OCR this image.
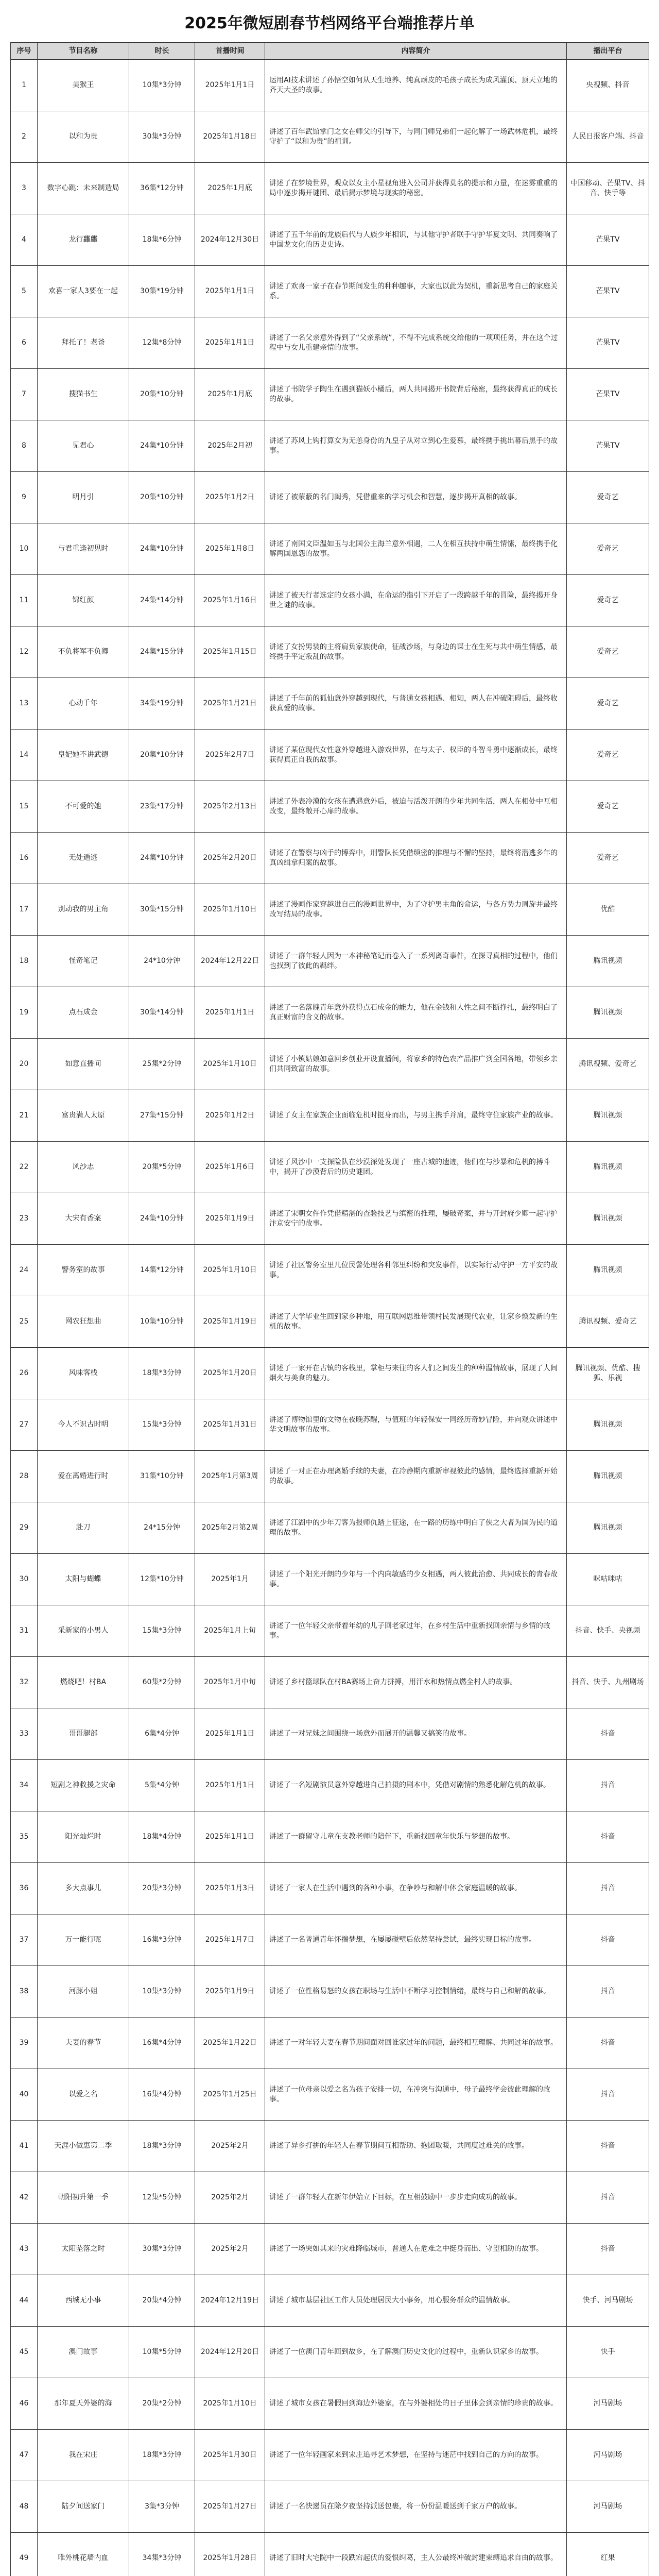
2025年微短剧春节档网络平台端推荐片单
序号	节目名称	时长	首播时间	内容简介	播出平台
1	美猴王	10集*3分钟	2025年1月1日	运用AI技术讲述了孙悟空如何从天生地养、纯真顽皮的毛孩子成长为成风灌顶、顶天立地的齐天大圣的故事。	央视频、抖音
2	以和为贵	30集*3分钟	2025年1月18日	讲述了百年武馆掌门之女在师父的引导下，与同门师兄弟们一起化解了一场武林危机，最终守护了“以和为贵”的祖训。	人民日报客户端、抖音
3	数字心跳：未来制造局	36集*12分钟	2025年1月底	讲述了在梦境世界，观众以女主小星视角进入公司并获得莫名的提示和力量，在迷雾重重的局中逐步揭开谜团、最后揭示梦境与现实的秘密。	中国移动、芒果TV、抖音、快手等
4	龙行龘龘	18集*6分钟	2024年12月30日	讲述了五千年前的龙族后代与人族少年相识，与其他守护者联手守护华夏文明、共同奏响了中国龙文化的历史史诗。	芒果TV
5	欢喜一家人3要在一起	30集*19分钟	2025年1月1日	讲述了欢喜一家子在春节期间发生的种种趣事，大家也以此为契机，重新思考自己的家庭关系。	芒果TV
6	拜托了！老爸	12集*8分钟	2025年1月1日	讲述了一名父亲意外得到了“父亲系统”，不得不完成系统交给他的一项项任务，并在这个过程中与女儿重建亲情的故事。	芒果TV
7	搜猫书生	20集*10分钟	2025年1月底	讲述了书院学子陶生在遇到猫妖小橘后，两人共同揭开书院背后秘密，最终获得真正的成长的故事。	芒果TV
8	见君心	24集*10分钟	2025年2月初	讲述了苏风上钩打算女为无恙身份的九皇子从对立到心生爱慕，最终携手挑出幕后黑手的故事。	芒果TV
9	明月引	20集*10分钟	2025年1月2日	讲述了被蒙蔽的名门闺秀，凭借重来的学习机会和智慧，逐步揭开真相的故事。	爱奇艺
10	与君重逢初见时	24集*10分钟	2025年1月8日	讲述了南国文臣温如玉与北国公主海兰意外相遇，二人在相互扶持中萌生情愫，最终携手化解两国恩怨的故事。	爱奇艺
11	锦红颜	24集*14分钟	2025年1月16日	讲述了被天行者选定的女孩小满，在命运的指引下开启了一段跨越千年的冒险，最终揭开身世之谜的故事。	爱奇艺
12	不负将军不负卿	24集*15分钟	2025年1月15日	讲述了女扮男装的主将肩负家族使命，征战沙场，与身边的谋士在生死与共中萌生情感，最终携手平定叛乱的故事。	爱奇艺
13	心动千年	34集*19分钟	2025年1月21日	讲述了千年前的狐仙意外穿越到现代，与普通女孩相遇、相知，两人在冲破阻碍后，最终收获真爱的故事。	爱奇艺
14	皇妃她不讲武德	20集*10分钟	2025年2月7日	讲述了某位现代女性意外穿越进入游戏世界，在与太子、权臣的斗智斗勇中逐渐成长，最终获得真正自我的故事。	爱奇艺
15	不可爱的她	23集*17分钟	2025年2月13日	讲述了外表冷漠的女孩在遭遇意外后，被迫与活泼开朗的少年共同生活，两人在相处中互相改变，最终敞开心扉的故事。	爱奇艺
16	无处遁逃	24集*10分钟	2025年2月20日	讲述了在警察与凶手的博弈中，刑警队长凭借缜密的推理与不懈的坚持，最终将潜逃多年的真凶缉拿归案的故事。	爱奇艺
17	别动我的男主角	30集*15分钟	2025年1月10日	讲述了漫画作家穿越进自己的漫画世界中，为了守护男主角的命运，与各方势力周旋并最终改写结局的故事。	优酷
18	怪奇笔记	24*10分钟	2024年12月22日	讲述了一群年轻人因为一本神秘笔记而卷入了一系列离奇事件，在探寻真相的过程中，他们也找到了彼此的羁绊。	腾讯视频
19	点石成金	30集*14分钟	2025年1月1日	讲述了一名落魄青年意外获得点石成金的能力，他在金钱和人性之间不断挣扎，最终明白了真正财富的含义的故事。	腾讯视频
20	如意直播间	25集*2分钟	2025年1月10日	讲述了小镇姑娘如意回乡创业开设直播间，将家乡的特色农产品推广到全国各地，带领乡亲们共同致富的故事。	腾讯视频、爱奇艺
21	富贵满人太原	27集*15分钟	2025年1月2日	讲述了女主在家族企业面临危机时挺身而出，与男主携手并肩，最终守住家族产业的故事。	腾讯视频
22	风沙志	20集*5分钟	2025年1月6日	讲述了风沙中一支探险队在沙漠深处发现了一座古城的遗迹，他们在与沙暴和危机的搏斗中，揭开了沙漠背后的历史谜团。	腾讯视频
23	大宋有香案	24集*10分钟	2025年1月9日	讲述了宋朝女仵作凭借精湛的查验技艺与缜密的推理，屡破奇案，并与开封府少卿一起守护汴京安宁的故事。	腾讯视频
24	警务室的故事	14集*12分钟	2025年1月10日	讲述了社区警务室里几位民警处理各种邻里纠纷和突发事件，以实际行动守护一方平安的故事。	腾讯视频
25	网农狂想曲	10集*10分钟	2025年1月19日	讲述了大学毕业生回到家乡种地，用互联网思维带领村民发展现代农业，让家乡焕发新的生机的故事。	腾讯视频、爱奇艺
26	风味客栈	18集*3分钟	2025年1月20日	讲述了一家开在古镇的客栈里，掌柜与来往的客人们之间发生的种种温情故事，展现了人间烟火与美食的魅力。	腾讯视频、优酷、搜狐、乐视
27	今人不识古时明	15集*3分钟	2025年1月31日	讲述了博物馆里的文物在夜晚苏醒，与值班的年轻保安一同经历奇妙冒险，并向观众讲述中华文明故事的故事。	腾讯视频
28	爱在离婚进行时	31集*10分钟	2025年1月第3周	讲述了一对正在办理离婚手续的夫妻，在冷静期内重新审视彼此的感情，最终选择重新开始的故事。	腾讯视频
29	赴刀	24*15分钟	2025年2月第2周	讲述了江湖中的少年刀客为报师仇踏上征途，在一路的历练中明白了侠之大者为国为民的道理的故事。	腾讯视频
30	太阳与蝴蝶	12集*10分钟	2025年1月	讲述了一个阳光开朗的少年与一个内向敏感的少女相遇，两人彼此治愈、共同成长的青春故事。	咪咕咪咕
31	采新家的小男人	15集*3分钟	2025年1月上旬	讲述了一位年轻父亲带着年幼的儿子回老家过年，在乡村生活中重新找回亲情与乡情的故事。	抖音、快手、央视频
32	燃烧吧！村BA	60集*2分钟	2025年1月中旬	讲述了乡村篮球队在村BA赛场上奋力拼搏，用汗水和热情点燃全村人的故事。	抖音、快手、九州剧场
33	哥哥腿部	6集*4分钟	2025年1月1日	讲述了一对兄妹之间围绕一场意外而展开的温馨又搞笑的故事。	抖音
34	短剧之神救援之灾命	5集*4分钟	2025年1月1日	讲述了一名短剧演员意外穿越进自己拍摄的剧本中，凭借对剧情的熟悉化解危机的故事。	抖音
35	阳光灿烂时	18集*4分钟	2025年1月1日	讲述了一群留守儿童在支教老师的陪伴下，重新找回童年快乐与梦想的故事。	抖音
36	多大点事儿	20集*3分钟	2025年1月3日	讲述了一家人在生活中遇到的各种小事，在争吵与和解中体会家庭温暖的故事。	抖音
37	万一能行呢	16集*3分钟	2025年1月7日	讲述了一名普通青年怀揣梦想，在屡屡碰壁后依然坚持尝试，最终实现目标的故事。	抖音
38	河豚小姐	10集*3分钟	2025年1月9日	讲述了一位性格易怒的女孩在职场与生活中不断学习控制情绪，最终与自己和解的故事。	抖音
39	夫妻的春节	16集*4分钟	2025年1月22日	讲述了一对年轻夫妻在春节期间面对回谁家过年的问题，最终相互理解、共同过年的故事。	抖音
40	以爱之名	16集*4分钟	2025年1月25日	讲述了一位母亲以爱之名为孩子安排一切，在冲突与沟通中，母子最终学会彼此理解的故事。	抖音
41	天涯小做惠第二季	18集*3分钟	2025年2月	讲述了异乡打拼的年轻人在春节期间互相帮助、抱团取暖，共同度过难关的故事。	抖音
42	朝阳初升第一季	12集*5分钟	2025年2月	讲述了一群年轻人在新年伊始立下目标，在互相鼓励中一步步走向成功的故事。	抖音
43	太阳坠落之时	30集*3分钟	2025年2月	讲述了一场突如其来的灾难降临城市，普通人在危难之中挺身而出、守望相助的故事。	抖音
44	西城无小事	20集*4分钟	2024年12月19日	讲述了城市基层社区工作人员处理居民大小事务，用心服务群众的温情故事。	快手、河马剧场
45	澳门故事	10集*5分钟	2024年12月20日	讲述了一位澳门青年回到故乡，在了解澳门历史文化的过程中，重新认识家乡的故事。	快手
46	那年夏天外婆的海	20集*2分钟	2025年1月10日	讲述了城市女孩在暑假回到海边外婆家，在与外婆相处的日子里体会到亲情的珍贵的故事。	河马剧场
47	我在宋庄	18集*3分钟	2025年1月30日	讲述了一位年轻画家来到宋庄追寻艺术梦想，在坚持与迷茫中找到自己的方向的故事。	河马剧场
48	陆夕间送家门	3集*3分钟	2025年1月27日	讲述了一名快递员在除夕夜坚持派送包裹，将一份份温暖送到千家万户的故事。	河马剧场
49	唯外桃花墙内血	34集*3分钟	2025年1月28日	讲述了旧时大宅院中一段跌宕起伏的爱恨纠葛，主人公最终冲破封建束缚追求自由的故事。	红果
